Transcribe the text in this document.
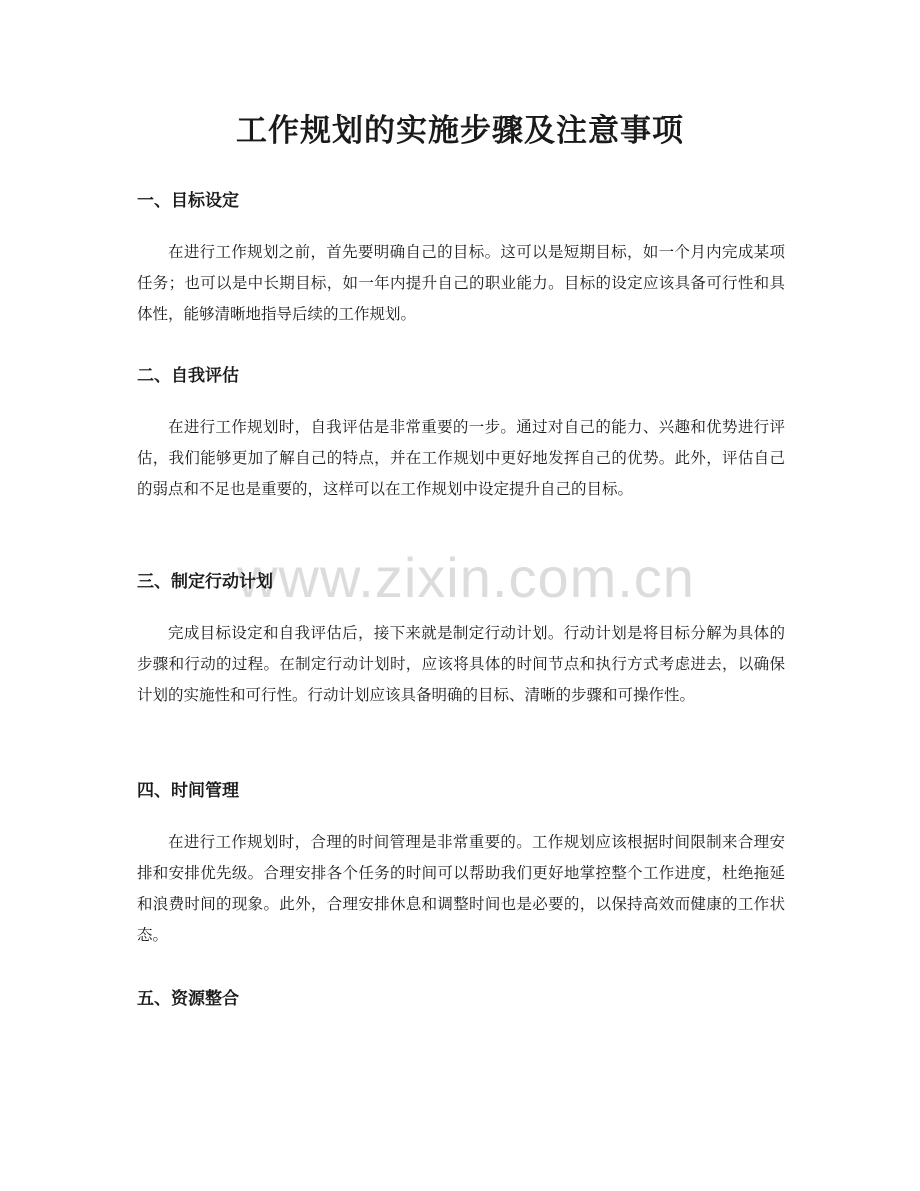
工作规划的实施步骤及注意事项
www.zixin.com.cn
一、目标设定

在进行工作规划之前，首先要明确自己的目标。这可以是短期目标，如一个月内完成某项任务；也可以是中长期目标，如一年内提升自己的职业能力。目标的设定应该具备可行性和具体性，能够清晰地指导后续的工作规划。

二、自我评估

在进行工作规划时，自我评估是非常重要的一步。通过对自己的能力、兴趣和优势进行评估，我们能够更加了解自己的特点，并在工作规划中更好地发挥自己的优势。此外，评估自己的弱点和不足也是重要的，这样可以在工作规划中设定提升自己的目标。

三、制定行动计划

完成目标设定和自我评估后，接下来就是制定行动计划。行动计划是将目标分解为具体的步骤和行动的过程。在制定行动计划时，应该将具体的时间节点和执行方式考虑进去，以确保计划的实施性和可行性。行动计划应该具备明确的目标、清晰的步骤和可操作性。

四、时间管理

在进行工作规划时，合理的时间管理是非常重要的。工作规划应该根据时间限制来合理安排和安排优先级。合理安排各个任务的时间可以帮助我们更好地掌控整个工作进度，杜绝拖延和浪费时间的现象。此外，合理安排休息和调整时间也是必要的，以保持高效而健康的工作状态。

五、资源整合
